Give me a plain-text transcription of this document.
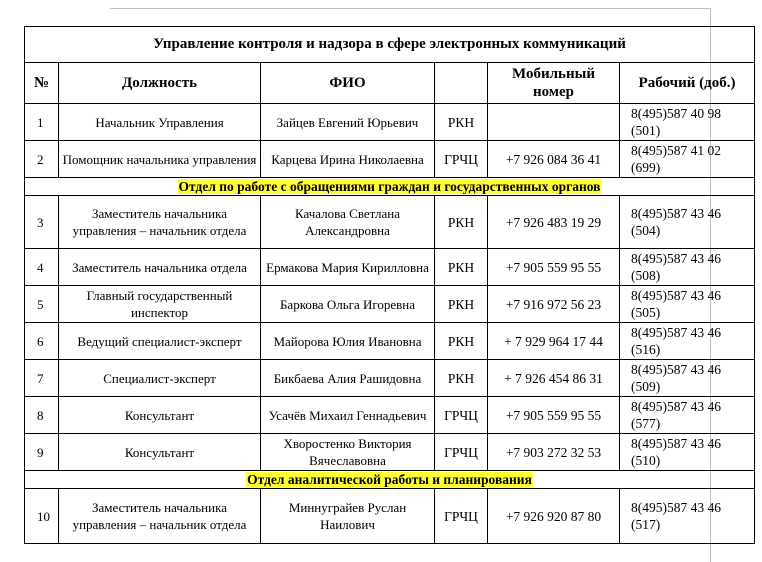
Управление контроля и надзора в сфере электронных коммуникаций					
№	Должность	ФИО		Мобильный номер	Рабочий (доб.)
1	Начальник Управления	Зайцев Евгений Юрьевич	РКН		8(495)587 40 98 (501)
2	Помощник начальника управления	Карцева Ирина Николаевна	ГРЧЦ	+7 926 084 36 41	8(495)587 41 02 (699)
Отдел по работе с обращениями граждан и государственных органов					
3	Заместитель начальника управления – начальник отдела	Качалова Светлана Александровна	РКН	+7 926 483 19 29	8(495)587 43 46 (504)
4	Заместитель начальника отдела	Ермакова Мария Кирилловна	РКН	+7 905 559 95 55	8(495)587 43 46 (508)
5	Главный государственный инспектор	Баркова Ольга Игоревна	РКН	+7 916 972 56 23	8(495)587 43 46 (505)
6	Ведущий специалист-эксперт	Майорова Юлия Ивановна	РКН	+ 7 929 964 17 44	8(495)587 43 46 (516)
7	Специалист-эксперт	Бикбаева Алия Рашидовна	РКН	+ 7 926 454 86 31	8(495)587 43 46 (509)
8	Консультант	Усачёв Михаил Геннадьевич	ГРЧЦ	+7 905 559 95 55	8(495)587 43 46 (577)
9	Консультант	Хворостенко Виктория Вячеславовна	ГРЧЦ	+7 903 272 32 53	8(495)587 43 46 (510)
Отдел аналитической работы и планирования					
10	Заместитель начальника управления – начальник отдела	Миннуграйев Руслан Наилович	ГРЧЦ	+7 926 920 87 80	8(495)587 43 46 (517)
